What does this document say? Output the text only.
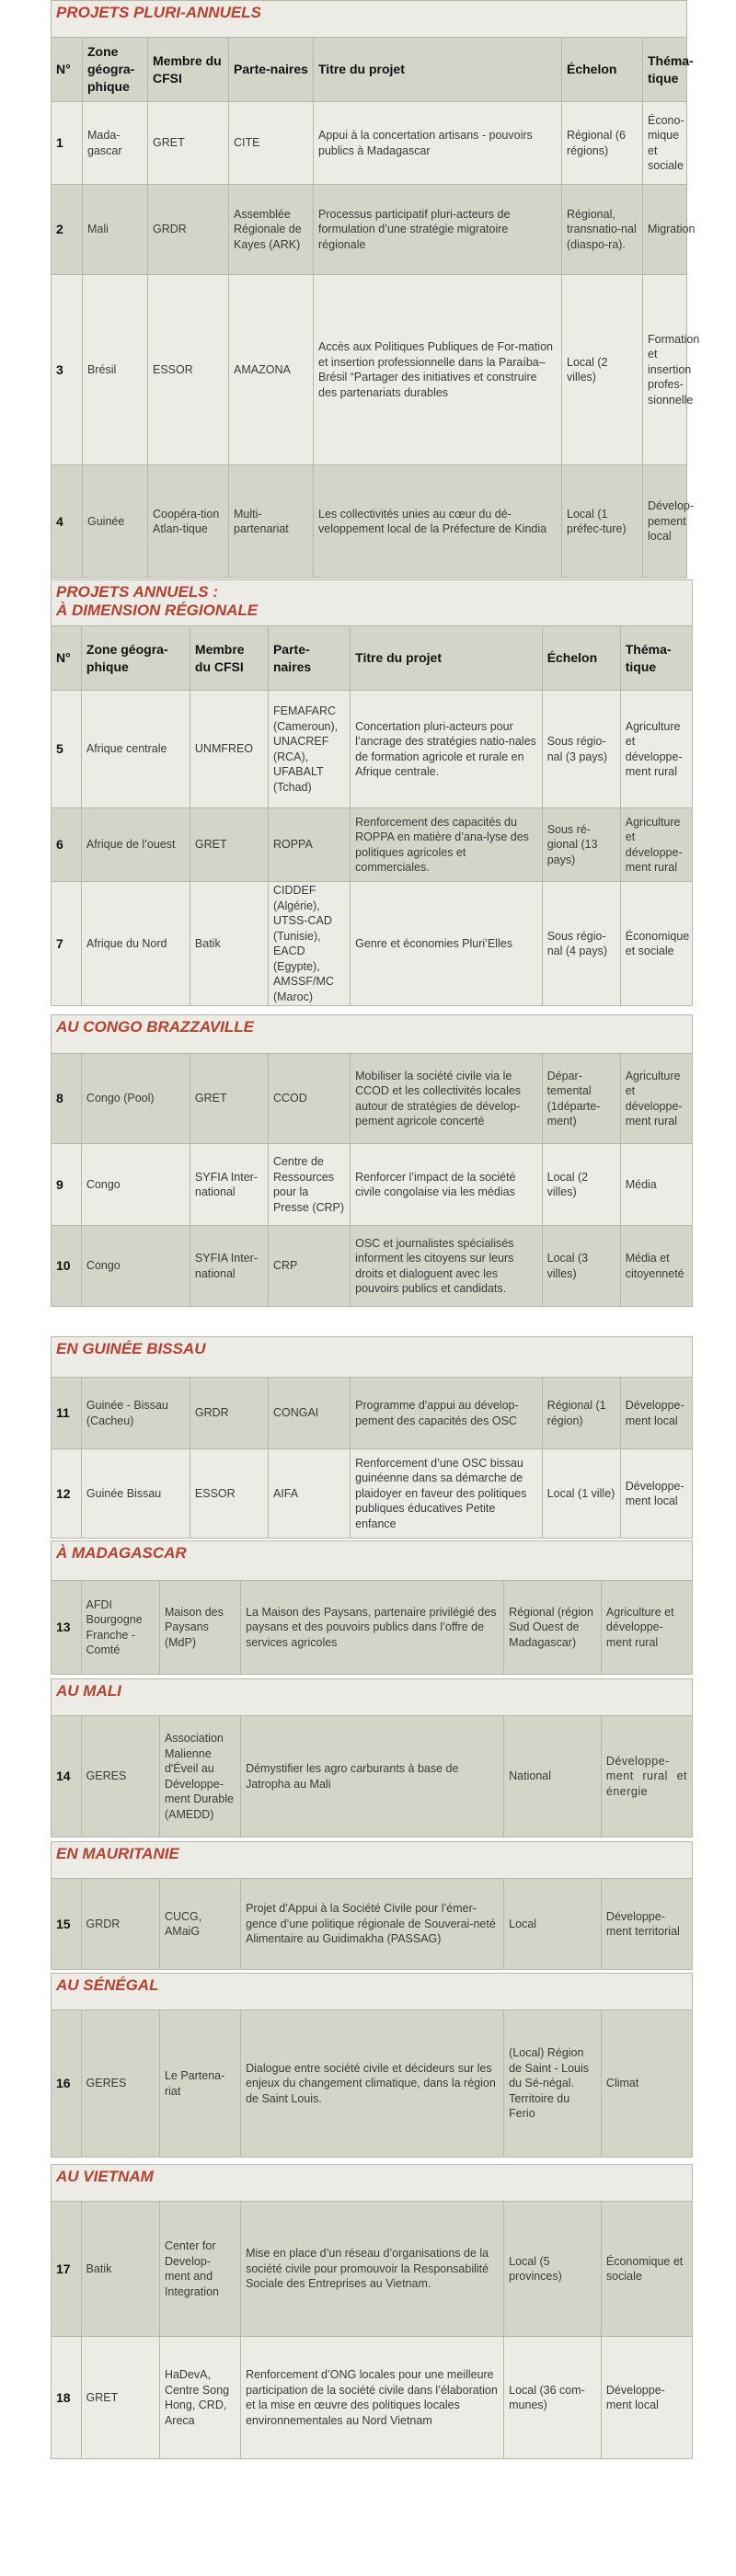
PROJETS PLURI-ANNUELS						
N°	Zone géogra-phique	Membre du CFSI	Parte-naires	Titre du projet	Échelon	Théma-tique
1	Mada-gascar	GRET	CITE	Appui à la concertation artisans - pouvoirs publics à Madagascar	Régional (6 régions)	Écono-mique et sociale
2	Mali	GRDR	Assemblée Régionale de Kayes (ARK)	Processus participatif pluri-acteurs de formulation d’une stratégie migratoire régionale	Régional, transnatio-nal (diaspo-ra).	Migration
3	Brésil	ESSOR	AMAZONA	Accès aux Politiques Publiques de For-mation et insertion professionnelle dans la Paraíba– Brésil “Partager des initiatives et construire des partenariats durables	Local (2 villes)	Formation et insertion profes-sionnelle
4	Guinée	Coopéra-tion Atlan-tique	Multi-partenariat	Les collectivités unies au cœur du dé-veloppement local de la Préfecture de Kindia	Local (1 préfec-ture)	Dévelop-pement local
PROJETS ANNUELS :
À DIMENSION RÉGIONALE						
N°	Zone géogra-phique	Membre du CFSI	Parte-naires	Titre du projet	Échelon	Théma-tique
5	Afrique centrale	UNMFREO	FEMAFARC (Cameroun), UNACREF (RCA), UFABALT (Tchad)	Concertation pluri-acteurs pour l’ancrage des stratégies natio-nales de formation agricole et rurale en Afrique centrale.	Sous régio-nal (3 pays)	Agriculture et développe-ment rural
6	Afrique de l’ouest	GRET	ROPPA	Renforcement des capacités du ROPPA en matière d’ana-lyse des politiques agricoles et commerciales.	Sous ré-gional (13 pays)	Agriculture et développe-ment rural
7	Afrique du Nord	Batik	CIDDEF (Algérie), UTSS-CAD (Tunisie), EACD (Egypte), AMSSF/MC (Maroc)	Genre et économies Pluri’Elles	Sous régio-nal (4 pays)	Économique et sociale
AU CONGO BRAZZAVILLE						
8	Congo (Pool)	GRET	CCOD	Mobiliser la société civile via le CCOD et les collectivités locales autour de stratégies de dévelop-pement agricole concerté	Dépar-temental (1départe-ment)	Agriculture et développe-ment rural
9	Congo	SYFIA Inter-national	Centre de Ressources pour la Presse (CRP)	Renforcer l’impact de la société civile congolaise via les médias	Local (2 villes)	Média
10	Congo	SYFIA Inter-national	CRP	OSC et journalistes spécialisés informent les citoyens sur leurs droits et dialoguent avec les pouvoirs publics et candidats.	Local (3 villes)	Média et citoyenneté
EN GUINÉE BISSAU						
11	Guinée - Bissau (Cacheu)	GRDR	CONGAI	Programme d'appui au dévelop-pement des capacités des OSC	Régional (1 région)	Développe-ment local
12	Guinée Bissau	ESSOR	AIFA	Renforcement d’une OSC bissau guinéenne dans sa démarche de plaidoyer en faveur des politiques publiques éducatives Petite enfance	Local (1 ville)	Développe-ment local
À MADAGASCAR
13	AFDI Bourgogne Franche -Comté	Maison des Paysans (MdP)	La Maison des Paysans, partenaire privilégié des paysans et des pouvoirs publics dans l’offre de services agricoles	Régional (région Sud Ouest de Madagascar)	Agriculture et développe-ment rural
AU MALI
14	GERES	Association Malienne d'Éveil au Développe-ment Durable (AMEDD)	Démystifier les agro carburants à base de Jatropha au Mali	National	Développe-ment rural et énergie
EN MAURITANIE
15	GRDR	CUCG, AMaiG	Projet d’Appui à la Société Civile pour l’émer-gence d’une politique régionale de Souverai-neté Alimentaire au Guidimakha (PASSAG)	Local	Développe-ment territorial
AU SÉNÉGAL
16	GERES	Le Partena-riat	Dialogue entre société civile et décideurs sur les enjeux du changement climatique, dans la région de Saint Louis.	(Local) Région de Saint - Louis du Sé-négal. Territoire du Ferio	Climat
AU VIETNAM					
17	Batik	Center for Develop-ment and Integration	Mise en place d’un réseau d’organisations de la société civile pour promouvoir la Responsabilité Sociale des Entreprises au Vietnam.	Local (5 provinces)	Économique et sociale
18	GRET	HaDevA, Centre Song Hong, CRD, Areca	Renforcement d’ONG locales pour une meilleure participation de la société civile dans l’élaboration et la mise en œuvre des politiques locales environnementales au Nord Vietnam	Local (36 com-munes)	Développe-ment local
